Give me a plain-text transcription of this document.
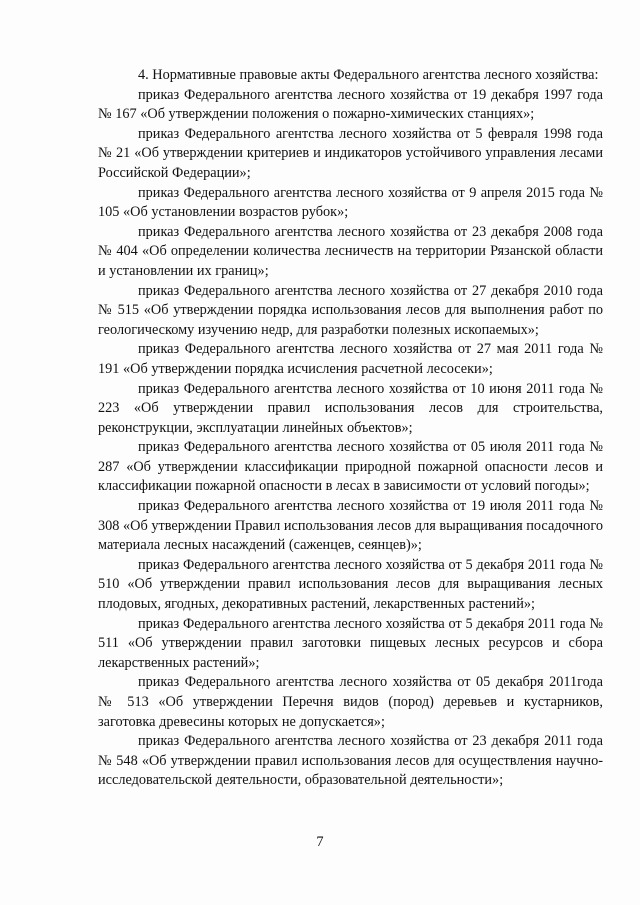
4. Нормативные правовые акты Федерального агентства лесного хозяйства:

приказ Федерального агентства лесного хозяйства от 19 декабря 1997 года № 167 «Об утверждении положения о пожарно-химических станциях»;

приказ Федерального агентства лесного хозяйства от 5 февраля 1998 года № 21 «Об утверждении критериев и индикаторов устойчивого управления лесами Российской Федерации»;

приказ Федерального агентства лесного хозяйства от 9 апреля 2015 года № 105 «Об установлении возрастов рубок»;

приказ Федерального агентства лесного хозяйства от 23 декабря 2008 года № 404 «Об определении количества лесничеств на территории Рязанской области и установлении их границ»;

приказ Федерального агентства лесного хозяйства от 27 декабря 2010 года № 515 «Об утверждении порядка использования лесов для выполнения работ по геологическому изучению недр, для разработки полезных ископаемых»;

приказ Федерального агентства лесного хозяйства от 27 мая 2011 года № 191 «Об утверждении порядка исчисления расчетной лесосеки»;

приказ Федерального агентства лесного хозяйства от 10 июня 2011 года № 223 «Об утверждении правил использования лесов для строительства, реконструкции, эксплуатации линейных объектов»;

приказ Федерального агентства лесного хозяйства от 05 июля 2011 года № 287 «Об утверждении классификации природной пожарной опасности лесов и классификации пожарной опасности в лесах в зависимости от условий погоды»;

приказ Федерального агентства лесного хозяйства от 19 июля 2011 года № 308 «Об утверждении Правил использования лесов для выращивания посадочного материала лесных насаждений (саженцев, сеянцев)»;

приказ Федерального агентства лесного хозяйства от 5 декабря 2011 года № 510 «Об утверждении правил использования лесов для выращивания лесных плодовых, ягодных, декоративных растений, лекарственных растений»;

приказ Федерального агентства лесного хозяйства от 5 декабря 2011 года № 511 «Об утверждении правил заготовки пищевых лесных ресурсов и сбора лекарственных растений»;

приказ Федерального агентства лесного хозяйства от 05 декабря 2011года № 513 «Об утверждении Перечня видов (пород) деревьев и кустарников, заготовка древесины которых не допускается»;

приказ Федерального агентства лесного хозяйства от 23 декабря 2011 года № 548 «Об утверждении правил использования лесов для осуществления научно-исследовательской деятельности, образовательной деятельности»;

7
